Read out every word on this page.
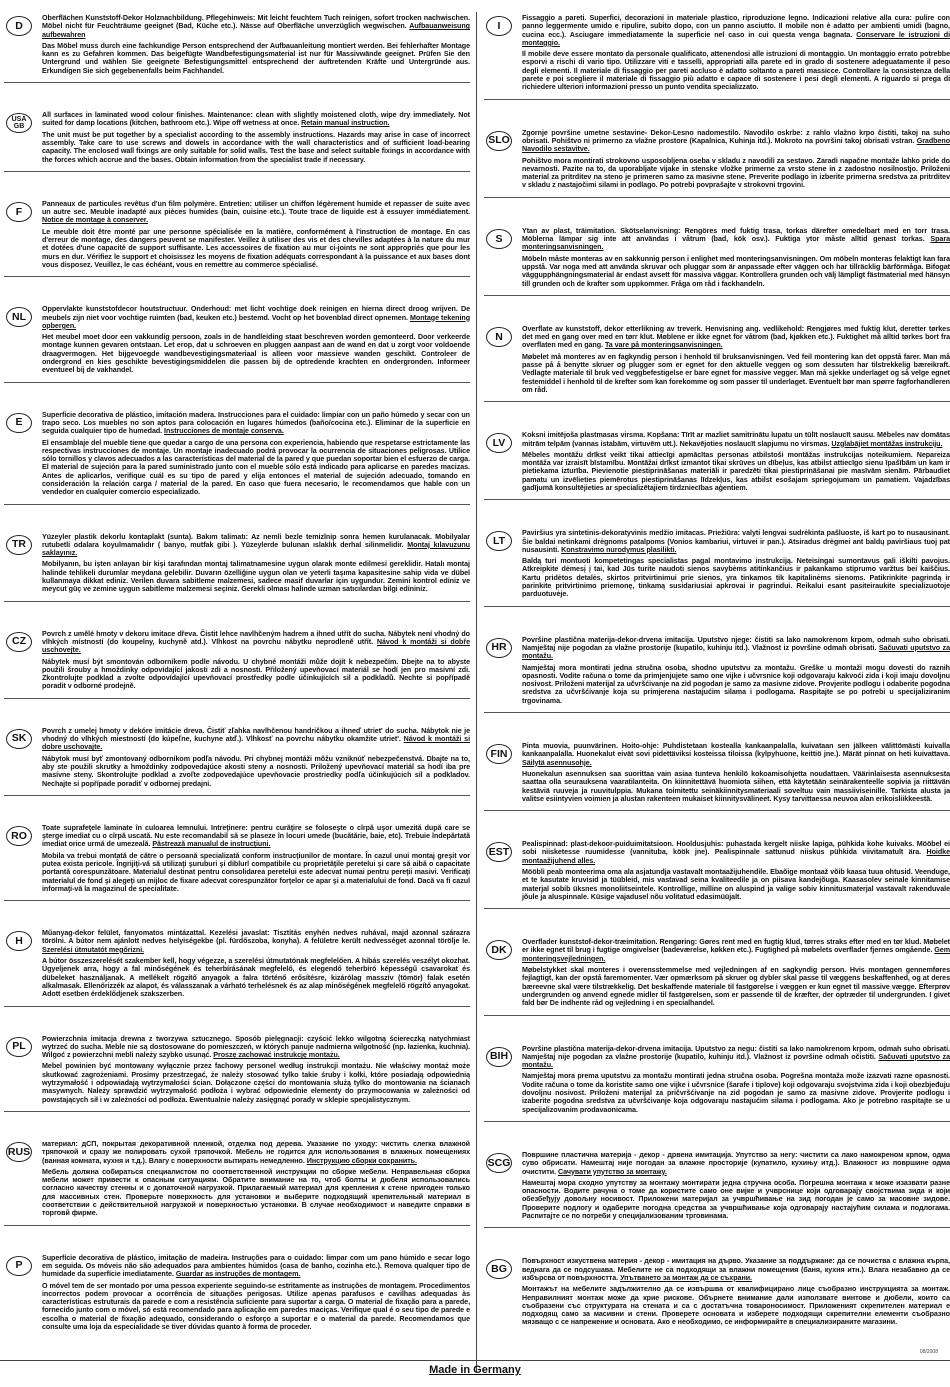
D

Oberflächen Kunststoff-Dekor Holznachbildung. Pflegehinweis: Mit leicht feuchtem Tuch reinigen, sofort trocken nachwischen. Möbel nicht für Feuchträume geeignet (Bad, Küche etc.). Nässe auf Oberfläche unverzüglich wegwischen. Aufbauanweisung aufbewahren

Das Möbel muss durch eine fachkundige Person entsprechend der Aufbauanleitung montiert werden. Bei fehlerhafter Montage kann es zu Gefahren kommen. Das beigefügte Wandbefestigungsmaterial ist nur für Massivwände geeignet. Prüfen Sie den Untergrund und wählen Sie geeignete Befestigungsmittel entsprechend der auftretenden Kräfte und Untergründe aus. Erkundigen Sie sich gegebenenfalls beim Fachhandel.

USA GB

All surfaces in laminated wood colour finishes. Maintenance: clean with slightly moistened cloth, wipe dry immediately. Not suited for damp locations (kitchen, bathroom etc.). Wipe off wetness at once. Retain manual instruction.

The unit must be put together by a specialist according to the assembly instructions. Hazards may arise in case of incorrect assembly. Take care to use screws and dowels in accordance with the wall characteristics and of sufficient load-bearing capacity. The enclosed wall fixings are only suitable for solid walls. Test the base and select suitable fixings in accordance with the forces which accrue and the bases. Obtain information from the specialist trade if necessary.

F

Panneaux de particules revêtus d'un film polymère. Entretien: utiliser un chiffon légèrement humide et repasser de suite avec un autre sec. Meuble inadapté aux pièces humides (bain, cuisine etc.). Toute trace de liquide est à essuyer immédiatement. Notice de montage à conserver.

Le meuble doit être monté par une personne spécialisée en la matière, conformément à l'instruction de montage. En cas d'erreur de montage, des dangers peuvent se manifester. Veillez à utiliser des vis et des chevilles adaptées à la nature du mur et dotées d'une capacité de support suffisante. Les accessoires de fixation au mur ci-joints ne sont appropriés que pour les murs en dur. Vérifiez le support et choisissez les moyens de fixation adéquats correspondant à la puissance et aux bases dont vous disposez. Veuillez, le cas échéant, vous en remettre au commerce spécialisé.

NL

Oppervlakte kunststofdecor houtstructuur. Onderhoud: met licht vochtige doek reinigen en hierna direct droog wrijven. De meubels zijn niet voor vochtige ruimten (bad, keuken etc.) bestemd. Vocht op het bovenblad direct opnemen. Montage tekening opbergen.

Het meubel moet door een vakkundig persoon, zoals in de handleiding staat beschreven worden gemonteerd. Door verkeerde montage kunnen gevaren ontstaan. Let erop, dat u schroeven en pluggen aanpast aan de wand en dat u zorgt voor voldoende draagvermogen. Het bijgevoegde wandbevestigingsmateriaal is alleen voor massieve wanden geschikt. Controleer de ondergrond en kies geschikte bevestigingsmiddelen die passen bij de optredende krachten en ondergronden. Informeer eventueel bij de vakhandel.

E

Superficie decorativa de plástico, imitación madera. Instrucciones para el cuidado: limpiar con un paño húmedo y secar con un trapo seco. Los muebles no son aptos para colocación en lugares húmedos (baño/cocina etc.). Eliminar de la superficie en seguida cualquier tipo de humedad. Instrucciones de montaje conserva.

El ensamblaje del mueble tiene que quedar a cargo de una persona con experiencia, habiendo que respetarse estrictamente las respectivas instrucciones de montaje. Un montaje inadecuado podrá provocar la ocurrencia de situaciones peligrosas. Utilice sólo tornillos y clavos adecuados a las características del material de la pared y que puedan soportar bien el esfuerzo de carga. El material de sujeción para la pared suministrado junto con el mueble sólo está indicado para aplicarse en paredes macizas. Antes de aplicarlos, verifique cuál es su tipo de pared y elija entonces el material de sujeción adecuado, tomando en consideración la relación carga / material de la pared. En caso que fuera necesario, le recomendamos que hable con un vendedor en cualquier comercio especializado.

TR

Yüzeyler plastik dekorlu kontaplakt (sunta). Bakım talimatı: Az nemli bezle temizlnip sonra hemen kurulanacak. Mobilyalar rutubetli odalara koyulmamalıdır ( banyo, mutfak gibi ). Yüzeylerde bulunan ıslaklık derhal silinmelidir. Montaj kılavuzunu saklayınız.

Mobilyanın, bu işten anlayan bir kişi tarafından montaj talimatnamesine uygun olarak monte edilmesi gereklidir. Hatalı montaj halinde tehlikeli durumlar meydana gelebilir. Duvarın özelliğine uygun olan ve yeterli taşıma kapasitesine sahip vida ve dübel kullanmaya dikkat ediniz. Verilen duvara sabitleme malzemesi, sadece masif duvarlar için uygundur. Zemini kontrol ediniz ve meycut güç ve zemine uygun sabitleme malzemesi seçiniz. Gerekli olması halinde uzman satıcılardan bilgi edininiz.

CZ

Povrch z umělé hmoty v dekoru imitace dřeva. Čistit lehce navlhčeným hadrem a ihned utřít do sucha. Nábytek není vhodný do vlhkých místností (do koupelny, kuchyně atd.). Vlhkost na povrchu nábytku neprodleně utřít. Návod k montáži si dobře uschovejte.

Nábytek musí být smontován odborníkem podle návodu. U chybné montáži může dojít k nebezpečím. Dbejte na to abyste použili šrouby a hmoždinky odpovídající jakosti zdi a nosnosti. Přiložený upevňovací materiál se hodí jen pro masivní zdi. Zkontrolujte podklad a zvolte odpovídající upevňovací prostředky podle účinkujících sil a podkladů. Nechte si popřípadě poradit v odborné prodejně.

SK

Povrch z umelej hmoty v dekóre imitácie dreva. Čistiť zľahka navlhčenou handričkou a ihneď utriet' do sucha. Nábytok nie je vhodný do vlhkých miestností (do kúpeľne, kuchyne atď.). Vlhkosť na povrchu nábytku okamžite utriet'. Návod k montáži si dobre uschovajte.

Nábytok musí byť zmontovaný odborníkom podľa návodu. Pri chybnej montáži môžu vzniknúť nebezpečenstvá. Dbajte na to, aby ste použili skrutky a hmoždinky zodpovedajúce akosti steny a nosnosti. Priložený upevňovací materiál sa hodí iba pre masívne steny. Skontrolujte podklad a zvoľte zodpovedajúce upevňovacie prostriedky podľa účinkujúcich síl a podkladov. Nechajte si popřípade poradiť v odbornej predajni.

RO

Toate suprafeţele laminate în culoarea lemnului. Intreţinere: pentru curăţire se foloseşte o cîrpă uşor umezită după care se şterge imediat cu o cîrpă uscată. Nu este recomandabil să se plaseze în locuri umede (bucătărie, baie, etc). Trebuie îndepărtată imediat orice urmă de umezeală. Păstrează manualul de instrucţiuni.

Mobila va trebui montată de către o persoană specializată conform instrucţiunilor de montare. În cazul unui montaj greşit vor putea exista pericole. Îngrijiţi-vă să utilizaţi şuruburi şi diblurl compatibile cu proprietăţile peretelui şi care să aibă o capacitate portantă corespunzătoare. Materialul destinat pentru consolidarea peretelui este adecvat numai pentru pereţii masivi. Verificaţi materialul de fond şi alegeţi un mijloc de fixare adecvat corespunzător forţelor ce apar şi a materialului de fond. Dacă va fi cazul informaţi-vă la magazinul de specialitate.

H

Műanyag-dekor felület, fanyomatos mintázattal. Kezelési javaslat: Tisztítás enyhén nedves ruhával, majd azonnal szárazra törölni. A bútor nem ajánlott nedves helyiségekbe (pl. fürdőszoba, konyha). A felületre került nedvességet azonnal törölje le. Szerelési útmutatót megőrizni.

A bútor összeszerelését szakember kell, hogy végezze, a szerelési útmutatónak megfelelően. A hibás szerelés veszélyt okozhat. Ügyeljenek arra, hogy a fal minőségének és teherbírásának megfelelő, és elegendő teherbíró képességű csavarokat és dübeleket használjanak. A mellékelt rögzítő anyagok a falra történő erősítésre, kizárólag masszív (tömör) falak esetén alkalmasak. Ellenőrizzék az alapot, és válasszanak a várható terhelésnek és az alap minőségének megfelelő rögzítő anyagokat. Adott esetben érdeklődjenek szakszerben.

PL

Powierzchnia imitacja drewna z tworzywa sztucznego. Sposób pielęgnacji: czyścić lekko wilgotną ściereczką natychmiast wytrzeć do sucha. Meble nie są dostosowane do pomieszczeń, w których panuje nadmierna wilgotność (np. łazienka, kuchnia). Wilgoć z powierzchni mebli należy szybko usunąć. Proszę zachować instrukcję montażu.

Mebel powinien być montowany wyłącznie przez fachowy personel według instrukcji montażu. Nie właściwy montaż może skutkować zagrożeniami. Prosimy przestrzegać, że należy stosować tylko takie śruby i kołki, które posiadają odpowiednią wytrzymałość i odpowiadają wytrzymałości ścian. Dołączone części do montowania służą tylko do montowania na ścianach masywnych. Należy sprawdzić wytrzymałość podłoża i wybrać odpowiednie elementy do przymocowania w zależności od powstających sił i w zależności od podłoża. Ewentualnie należy zasięgnąć porady w sklepie specjalistycznym.

RUS

материал: дСП, покрытая декоративной пленкой, отделка под дерева. Указание по уходу: чистить слегка влажной тряпочкой и сразу же полировать сухой тряпочкой. Мебель не годится для использования в влажных помещениях (ванная комната, кухня и т.д.). Влагу с поверхности вытирать немедленно. Инструкцию сборки сохранить.

Мебель должна собираться специалистом по соответственной инструкции по сборке мебели. Неправельная сборка мебели может привести к опасным ситуациям. Обратите внимание на то, чтоб болты и дюбеля использовались согласно качеству стенны и с допаточной нагрузкой. Прилагаемый материал для крепления к стене пригоден только для массивных стен. Проверьте поверхность для установки и выберите подходящий крепительный материал в соответствии с действительной нагрузкой и поверхностью установки. В случае необходимост и наведите справки в торговй фирме.

P

Superfície decorativa de plástico, imitação de madeira. Instruções para o cuidado: limpar com um pano húmido e secar logo em seguida. Os móveis não são adequados para ambientes húmidos (casa de banho, cozinha etc.). Remova qualquer tipo de humidade da superfície imediatamente. Guardar as instruções de montagem.

O móvel tem de ser montado por uma pessoa experiente seguindo-se estritamente as instruções de montagem. Procedimentos incorrectos podem provocar a ocorrência de situações perigosas. Utilize apenas parafusos e cavilhas adequadas às características estruturais da parede e com a resistência suficiente para suportar a carga. O material de fixação para a parede, fornecido junto com o móvel, só está recomendado para aplicação em paredes maciças. Verifique qual é o seu tipo de parede e escolha o material de fixação adequado, considerando o esforço a suportar e o material da parede. Recomendamos que consulte uma loja da especialidade se tiver dúvidas quanto à forma de proceder.

I

Fissaggio a pareti. Superfici, decorazioni in materiale plastico, riproduzione legno. Indicazioni relative alla cura: pulire con panno leggermente umido e ripulire, subito dopo, con un panno asciutto. Il mobile non è adatto per ambienti umidi (bagno, cucina ecc.). Asciugare immediatamente la superficie nel caso in cui questa venga bagnata. Conservare le istruzioni di montaggio.

Il mobile deve essere montato da personale qualificato, attenendosi alle istruzioni di montaggio. Un montaggio errato potrebbe esporvi a rischi di vario tipo. Utilizzare viti e tasselli, appropriati alla parete ed in grado di sostenere adeguatamente il peso degli elementi. Il materiale di fissaggio per pareti accluso è adatto soltanto a pareti massicce. Controllare la consistenza della parete e poi scegliere il materiale di fissaggio più adatto e capace di sostenere i pesi degli elementi. A riguardo si prega di richiedere ulteriori informazioni presso un punto vendita specializzato.

SLO

Zgornje površine umetne sestavine- Dekor-Lesno nadomestilo. Navodilo oskrbe: z rahlo vlažno krpo čistiti, takoj na suho obrisati. Pohištvo ni primerno za vlažne prostore (Kapalnica, Kuhinja itd.). Mokroto na površini takoj obrisati vstran. Gradbeno Navodilo sestavitve.

Pohištvo mora montirati strokovno usposobljena oseba v skladu z navodili za sestavo. Zaradi napačne montaže lahko pride do nevarnosti. Pazite na to, da uporabljate vijake in stenske vložke primerne za vrsto stene in z zadostno nosilnostjo. Priloženi material za pritrditev na steno je primeren samo za masivne stene. Preverite podlago in izberite primerna sredstva za pritrditev v skladu z nastajočimi silami in podlago. Po potrebi povprašajte v strokovni trgovini.

S

Ytan av plast, träimitation. Skötselanvisning: Rengöres med fuktig trasa, torkas därefter omedelbart med en torr trasa. Möblerna lämpar sig inte att användas i våtrum (bad, kök osv.). Fuktiga ytor måste alltid genast torkas. Spara monteringsanvisningen.

Möbeln måste monteras av en sakkunnig person i enlighet med monteringsanvisningen. Om möbeln monteras felaktigt kan fara uppstå. Var noga med att använda skruvar och pluggar som är anpassade efter väggen och har tillräcklig bärförmåga. Bifogat väggupphängningsmaterial är endast avsett för massiva väggar. Kontrollera grunden och välj lämpligt fästmaterial med hänsyn till grunden och de krafter som uppkommer. Fråga om råd i fackhandeln.

N

Overflate av kunststoff, dekor etterlikning av treverk. Henvisning ang. vedlikehold: Rengjøres med fuktig klut, deretter tørkes det med en gang over med en tørr klut. Møblene er ikke egnet for våtrom (bad, kjøkken etc.). Fuktighet må alltid tørkes bort fra overflaten med en gang. Ta vare på monteringsanvisningen.

Møbelet må monteres av en fagkyndig person i henhold til bruksanvisningen. Ved feil montering kan det oppstå farer. Man må passe på å benytte skruer og plugger som er egnet for den aktuelle veggen og som dessuten har tilstrekkelig bæreikraft. Vedlagte materiale til bruk ved veggbefestigelse er bare egnet for massive vegger. Man må sjekke underlaget og så velge egnet festemiddel i henhold til de krefter som kan forekomme og som passer til underlaget. Eventuelt bør man spørre fagforhandleren om råd.

LV

Koksni imitējoša plastmasas virsma. Kopšana: Tīrīt ar mazliet samitrinātu lupatu un tūlīt noslaucīt sausu. Mēbeles nav domātas mitrām telpām (vannas istabām, virtuvēm utt.). Nekavējoties noslaucīt slapjumu no virsmas. Uzglabājiet montāžas instrukciju.

Mēbeles montāžu drīkst veikt tikai attiecīgi apmācītas personas atbilstoši montāžas instrukcijas noteikumiem. Nepareiza montāža var izraisīt bīstamību. Montāžai drīkst izmantot tikai skrūves un dībeļus, kas atbilst attiecīgo sienu īpašībām un kam ir pietiekama izturība. Pievienotie piestiprināšanas materiāli ir paredzēti tikai piestiprināšanai pie masīvām sienām. Pārbaudiet pamatu un izvēlieties piemērotus piestiprināšanas līdzekļus, kas atbilst esošajam spriegojumam un pamatiem. Vajadzības gadījumā konsultējieties ar specializētajiem tirdzniecības aģentiem.

LT

Paviršius yra sintetinis-dekoratyvinis medžio imitacas. Priežiūra: valyti lengvai sudrėkinta pašluoste, iš kart po to nusausinant. Šie baldai netinkami drėgnoms patalpoms (Vonios kambariui, virtuvei ir pan.). Atsiradus drėgmei ant baldų paviršiaus tuoj pat nusausinti. Konstravimo nurodymus plasilikti.

Baldą turi montuoti kompetetingas specialistas pagal montavimo instrukciją. Neteisingai sumontavus gali iškilti pavojus. Atkreipkite dėmesį į tai, kad Jūs turite naudoti sienos savybėms atitinkančius ir pakankamo stiprumo varžtus bei kaiščius. Kartu pridėtos detalės, skirtos pritvirtinimui prie sienos, yra tinkamos tik kapitalinėms sienoms. Patikrinkite pagrindą ir parinkite pritvirtinimo priemonę, tinkamą susidariusiai apkrovai ir pagrindui. Reikalui esant pasiteiraukite specializuotoje parduotuvėje.

HR

Površine plastična materija-dekor-drvena imitacija. Uputstvo njege: čistiti sa lako namokrenom krpom, odmah suho obrisati. Namještaj nije pogodan za vlažne prostorije (kupatilo, kuhinju itd.). Vlažnost iz površine odmah obrisati. Sačuvati uputstvo za montažu.

Namještaj mora montirati jedna stručna osoba, shodno uputstvu za montažu. Greške u montaži mogu dovesti do raznih opasnosti. Vodite računa o tome da primjenjujete samo one vijke i učvrsnice koji odgovaraju kakvoći zida i koji imaju dovoljnu nosivost. Priloženi materijal za učvršćivanje na zid pogodan je samo za masivne zidove. Provjerite podlogu i odaberite pogodna sredstva za učvršćivanje koja su primjerena nastajućim silama i podlogama. Raspitajte se po potrebi u specijaliziranim trgovinama.

FIN

Pinta muovia, puunvärinen. Hoito-ohje: Puhdistetaan kostealla kankaanpalalla, kuivataan sen jälkeen välittömästi kuivalla kankaanpalalla. Huonekalut eivät sovi pidettäviksi kosteissa tiloissa (kylpyhuone, keittiö jne.). Märät pinnat on heti kuivattava. Säilytä asennusohje.

Huonekalun asennuksen saa suorittaa vain asiaa tunteva henkilö kokoamisohjetta noudattaen. Väärinlaisesta asennuksesta saattaa olla seurauksena vaaratilanteita. On kiinnitettävä huomiota siihen, että käytetään seinärakenteelle sopivia ja riittävän kestäviä ruuveja ja ruuvitulppia. Mukana toimitettu seinäkiinnitysmateriaali soveltuu vain massiiviseinille. Tarkista alusta ja valitse esiintyvien voimien ja alustan rakenteen mukaiset kiinnitysvälineet. Kysy tarvittaessa neuvoa alan erikoisliikkeestä.

EST

Pealispinnad: plast-dekoor-puiduimitatsioon. Hooldusjuhis: puhastada kergelt niiske lapiga, pühkida kohe kuivaks. Mööbel ei sobi niisketesse ruumidesse (vannituba, köök jne). Pealispinnale sattunud niiskus pühkida viivitamatult ära. Hoidke montaažijuhend alles.

Mööbli peab monteerima oma ala asjatundja vastavalt montaažijuhendile. Ebaõige montaaž võib kaasa tuua ohtusid. Veenduge, et te kasutate kruvisid ja tüübleid, mis vastavad seina kvaliteedile ja on piisava kandejõuga. Kaasasolev seinale kinnitamise materjal sobib üksnes monoliitseintele. Kontrollige, milline on aluspind ja valige sobiv kinnitusmaterjal vastavalt rakenduvale jõule ja aluspinnale. Küsige vajadusel nõu volitatud edasimüüjalt.

DK

Overflader kunststof-dekor-træimitation. Rengøring: Gøres rent med en fugtig klud, tørres straks efter med en tør klud. Møbelet er ikke egnet til brug i fugtige omgivelser (badeværelse, køkken etc.). Fugtighed på møbelets overflader fjernes omgående. Gem monteringsvejledningen.

Møbelstykket skal monteres i overensstemmelse med vejledningen af en sagkyndig person. Hvis montagen gennemføres fejlagtigt, kan der opstå faremomenter. Vær opmærksom på skruer og dybler skal passe til væggens beskaffenhed, og at deres bæreevne skal være tilstrækkelig. Det beskaffende materiale til fastgørelse i væggen er kun egnet til massive vægge. Efterprøv undergrunden og anvend egnede midler til fastgørelsen, som er passende til de kræfter, der optræder til undergrunden. I givet fald bør De indhente råd og vejledning i en specialhandel.

BIH

Površine plastična materija-dekor-drvena imitacija. Uputstvo za negu: čistiti sa lako namokrenom krpom, odmah suho obrisati. Namještaj nije pogodan za vlažne prostorije (kupatilo, kuhinju itd.). Vlažnost iz površine odmah očistiti. Sačuvati uputstvo za montažu.

Namještaj mora prema uputstvu za montažu montirati jedna stručna osoba. Pogrešna montaža može izazvati razne opasnosti. Vodite računa o tome da koristite samo one vijke i učvrsnice (šarafe i tiplove) koji odgovaraju svojstvima zida i koji obezbjeđuju dovoljnu nosivost. Priloženi materijal za pričvršćivanje na zid pogodan je samo za masivne zidove. Provjerite podlogu i izaberite pogodna sredstva za učvršćivanje koja odgovaraju nastajućim silama i podlogama. Ako je potrebno raspitajte se u specijalizovanim prodavaonicama.

SCG

Површине пластична материја - декор - дрвена имитација. Упутство за негу: чистити са лако намокреном крпом, одма суво обрисати. Намештај није погодан за влажне просторије (купатило, кухињу итд.). Влажност из површине одма очистити. Сачувати упутство за монтажу.

Намештај мора сходно упутству за монтажу монтирати једна стручна особа. Погрешна монтажа к може изазвати разне опасности. Водите рачуна о томе да користите само оне вијке и учврснице који одговарају својствима зида и који обезбеђују довољну носивост. Приложени материјал за учвршћивање на зид погодан је само за масовне зидове. Проверите подлогу и одаберите погодна средства за учвршћивање која одговарају настајућим силама и подлогама. Распитајте се по потреби у специјализованим трговинама.

BG

Повърхност изкуствена материя - декор - имитация на дърво. Указание за поддържане: да се почиства с влажна кърпа, веднага да се подсушава. Мебелите не са подходящи за влажни помещения (баня, кухня итн.). Влага незабавно да се избърсва от повърхността. Упътването за монтаж да се съхрани.

Монтажът на мебелите задължително да се извършва от квалифицирано лице съобразно инструкцията за монтаж. Неправилният монтаж може да крие рискове. Обърнете внимание дали използвате винтове и дюбели, които са съобразени със структурата на стената и са с достатъчна товароносимост. Приложеният скрепителен материал е подходящ само за масивни и стени. Проверете основата и изберете подходящи скрепителни елементи съобразно мязващо с се напрежение и основата. Ако е необходимо, се информирайте в специализираните магазини.

08/2008
Made in Germany
